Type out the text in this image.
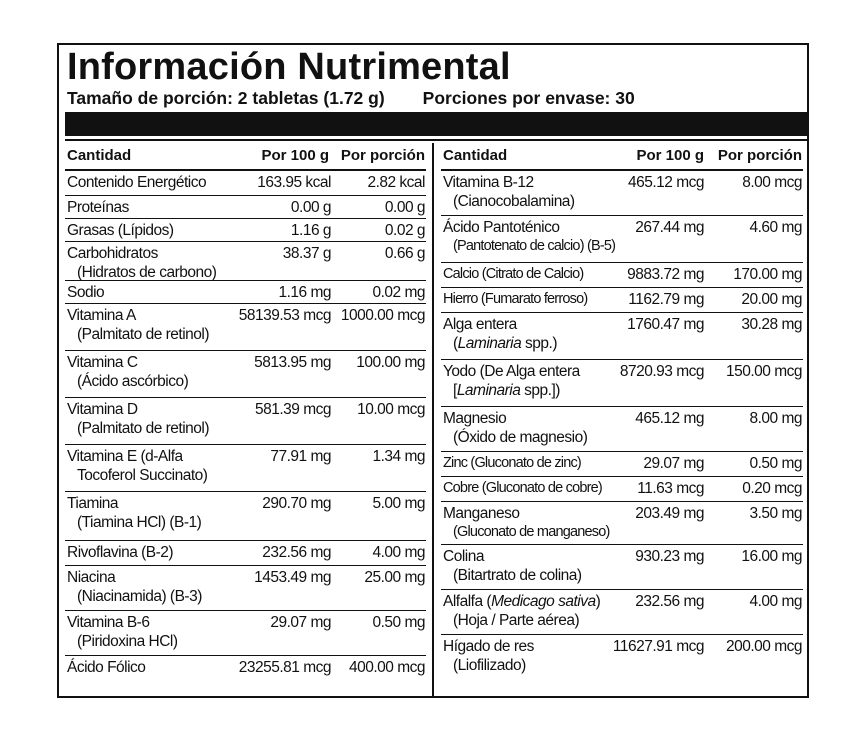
Información Nutrimental
Tamaño de porción: 2 tabletas (1.72 g) Porciones por envase: 30
Cantidad	Por 100 g Por porción
Contenido Energético	163.95 kcal 2.82 kcal
Proteínas	0.00 g	0.00 g
Grasas (Lípidos)	1.16 g	0.02 g
Carbohidratos
(Hidratos de carbono)
38.37 g	0.66 g
Sodio	1.16 mg	0.02 mg
Vitamina A
(Palmitato de retinol)
58139.53 mcg 1000.00 mcg
Vitamina C
(Ácido ascórbico)
5813.95 mg 100.00 mg
Vitamina D
(Palmitato de retinol)
581.39 mcg 10.00 mcg
Vitamina E (d-Alfa
Tocoferol Succinato)
77.91 mg	1.34 mg
Tiamina
(Tiamina HCl) (B-1)
290.70 mg	5.00 mg
Rivoflavina (B-2)	232.56 mg	4.00 mg
Niacina
(Niacinamida) (B-3)
1453.49 mg 25.00 mg
Vitamina B-6
(Piridoxina HCl)
29.07 mg	0.50 mg
Ácido Fólico	23255.81 mcg 400.00 mcg
Cantidad	Por 100 g Por porción
Vitamina B-12
(Cianocobalamina)
465.12 mcg 8.00 mcg
Ácido Pantoténico
(Pantotenato de calcio) (B-5)
267.44 mg	4.60 mg
Calcio (Citrato de Calcio)	9883.72 mg 170.00 mg
Hierro (Fumarato ferroso)	1162.79 mg 20.00 mg
Alga entera
(Laminaria spp.)
1760.47 mg 30.28 mg
Yodo (De Alga entera
[Laminaria spp.])
8720.93 mcg 150.00 mcg
Magnesio
(Óxido de magnesio)
465.12 mg	8.00 mg
Zinc (Gluconato de zinc)	29.07 mg	0.50 mg
Cobre (Gluconato de cobre) 11.63 mcg 0.20 mcg
Manganeso
(Gluconato de manganeso)
203.49 mg	3.50 mg
Colina
(Bitartrato de colina)
930.23 mg 16.00 mg
Alfalfa (Medicago sativa)
(Hoja / Parte aérea)
232.56 mg	4.00 mg
Hígado de res
(Liofilizado)
11627.91 mcg 200.00 mcg
